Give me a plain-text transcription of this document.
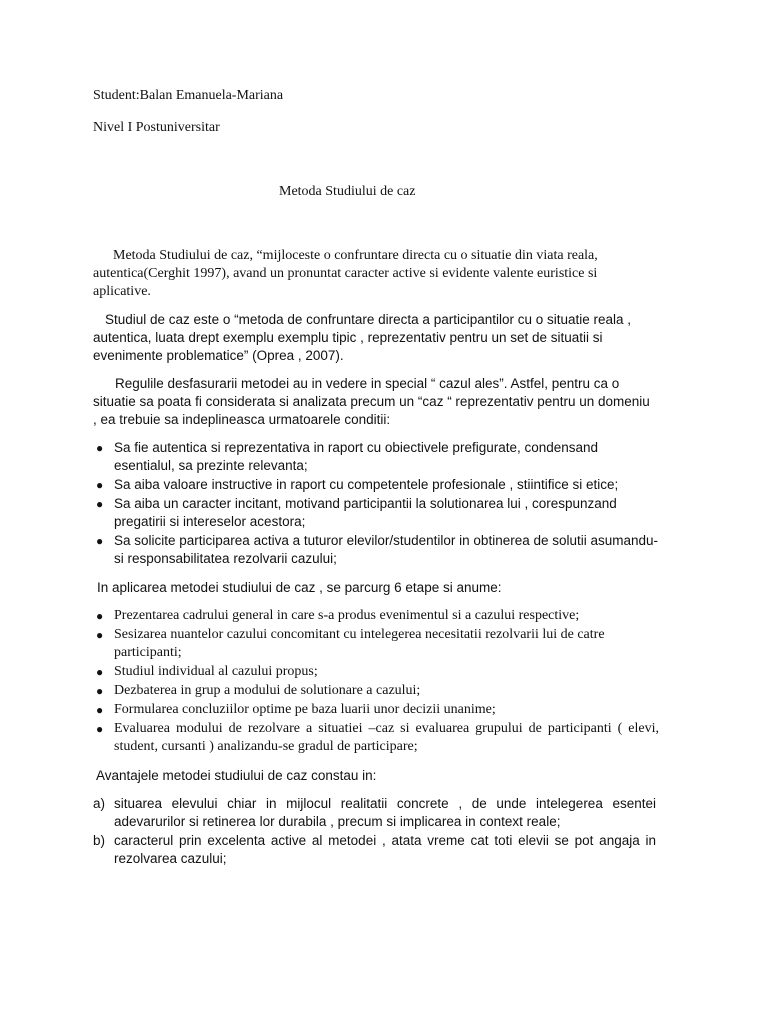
Student:Balan Emanuela-Mariana

Nivel I Postuniversitar

Metoda Studiului de caz

Metoda Studiului de caz, “mijloceste o confruntare directa cu o situatie din viata reala, autentica(Cerghit 1997), avand un pronuntat caracter active si evidente valente euristice si aplicative.

Studiul de caz este o “metoda de confruntare directa a participantilor cu o situatie reala , autentica, luata drept exemplu exemplu tipic , reprezentativ pentru un set de situatii si evenimente problematice” (Oprea , 2007).

Regulile desfasurarii metodei au in vedere in special “ cazul ales”. Astfel, pentru ca o situatie sa poata fi considerata si analizata precum un “caz “ reprezentativ pentru un domeniu , ea trebuie sa indeplineasca urmatoarele conditii:

● Sa fie autentica si reprezentativa in raport cu obiectivele prefigurate, condensand esentialul, sa prezinte relevanta;
● Sa aiba valoare instructive in raport cu competentele profesionale , stiintifice si etice;
● Sa aiba un caracter incitant, motivand participantii la solutionarea lui , corespunzand pregatirii si intereselor acestora;
● Sa solicite participarea activa a tuturor elevilor/studentilor in obtinerea de solutii asumandu-si responsabilitatea rezolvarii cazului;

In aplicarea metodei studiului de caz , se parcurg 6 etape si anume:

● Prezentarea cadrului general in care s-a produs evenimentul si a cazului respective;
● Sesizarea nuantelor cazului concomitant cu intelegerea necesitatii rezolvarii lui de catre participanti;
● Studiul individual al cazului propus;
● Dezbaterea in grup a modului de solutionare a cazului;
● Formularea concluziilor optime pe baza luarii unor decizii unanime;
● Evaluarea modului de rezolvare a situatiei –caz si evaluarea grupului de participanti ( elevi, student, cursanti ) analizandu-se gradul de participare;

Avantajele metodei studiului de caz constau in:

a) situarea elevului chiar in mijlocul realitatii concrete , de unde intelegerea esentei adevarurilor si retinerea lor durabila , precum si implicarea in context reale;
b) caracterul prin excelenta active al metodei , atata vreme cat toti elevii se pot angaja in rezolvarea cazului;
